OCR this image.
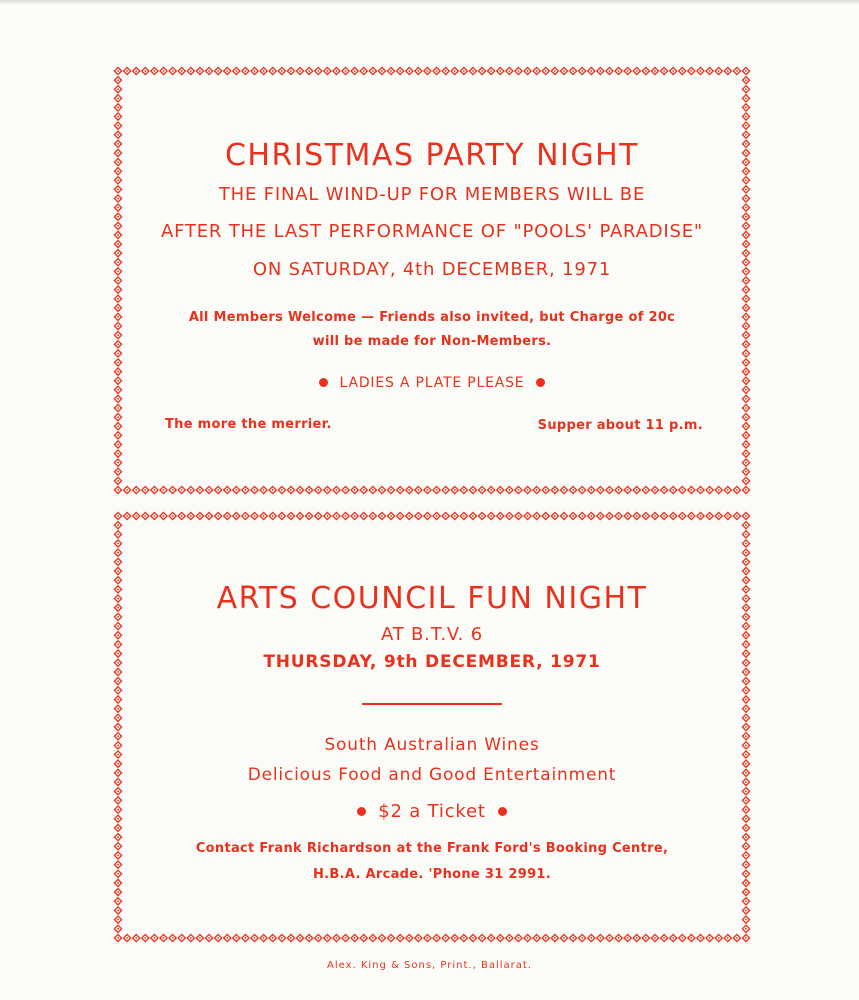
CHRISTMAS PARTY NIGHT
THE FINAL WIND-UP FOR MEMBERS WILL BE
AFTER THE LAST PERFORMANCE OF "POOLS' PARADISE"
ON SATURDAY, 4th DECEMBER, 1971
All Members Welcome — Friends also invited, but Charge of 20c
will be made for Non-Members.
LADIES A PLATE PLEASE
The more the merrier.	Supper about 11 p.m.
ARTS COUNCIL FUN NIGHT
AT B.T.V. 6
THURSDAY, 9th DECEMBER, 1971
South Australian Wines
Delicious Food and Good Entertainment
$2 a Ticket
Contact Frank Richardson at the Frank Ford's Booking Centre,
H.B.A. Arcade. 'Phone 31 2991.
Alex. King & Sons, Print., Ballarat.
